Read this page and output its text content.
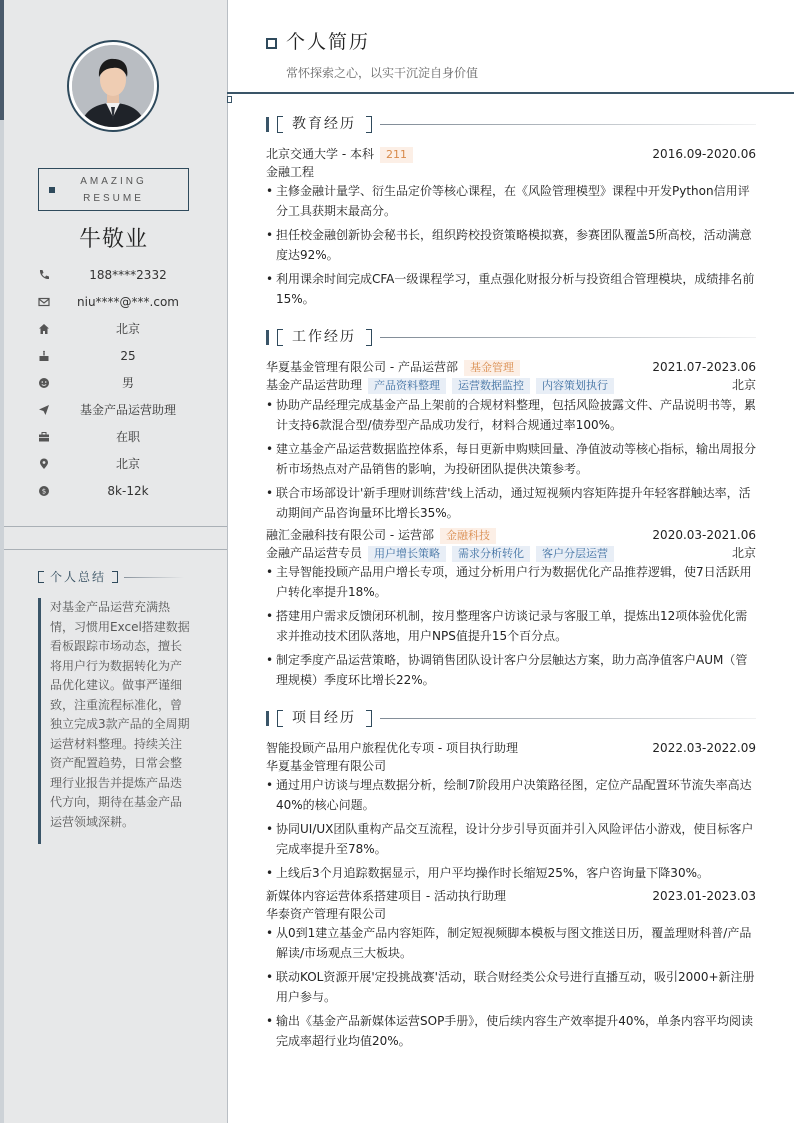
AMAZING
RESUME
牛敬业
188****2332
niu****@***.com
北京
25
男
基金产品运营助理
在职
北京
$	8k-12k
个人总结

对基金产品运营充满热情，习惯用Excel搭建数据看板跟踪市场动态，擅长将用户行为数据转化为产品优化建议。做事严谨细致，注重流程标准化，曾独立完成3款产品的全周期运营材料整理。持续关注资产配置趋势，日常会整理行业报告并提炼产品迭代方向，期待在基金产品运营领域深耕。

个人简历
常怀探索之心，以实干沉淀自身价值
教育经历
北京交通大学 - 本科 211	2016.09-2020.06
金融工程
• 主修金融计量学、衍生品定价等核心课程，在《风险管理模型》课程中开发Python信用评分工具获期末最高分。
• 担任校金融创新协会秘书长，组织跨校投资策略模拟赛，参赛团队覆盖5所高校，活动满意度达92%。
• 利用课余时间完成CFA一级课程学习，重点强化财报分析与投资组合管理模块，成绩排名前15%。
工作经历
华夏基金管理有限公司 - 产品运营部 基金管理	2021.07-2023.06
基金产品运营助理 产品资料整理 运营数据监控 内容策划执行	北京
• 协助产品经理完成基金产品上架前的合规材料整理，包括风险披露文件、产品说明书等，累计支持6款混合型/债券型产品成功发行，材料合规通过率100%。
• 建立基金产品运营数据监控体系，每日更新申购赎回量、净值波动等核心指标，输出周报分析市场热点对产品销售的影响，为投研团队提供决策参考。
• 联合市场部设计'新手理财训练营'线上活动，通过短视频内容矩阵提升年轻客群触达率，活动期间产品咨询量环比增长35%。
融汇金融科技有限公司 - 运营部 金融科技	2020.03-2021.06
金融产品运营专员 用户增长策略 需求分析转化 客户分层运营	北京
• 主导智能投顾产品用户增长专项，通过分析用户行为数据优化产品推荐逻辑，使7日活跃用户转化率提升18%。
• 搭建用户需求反馈闭环机制，按月整理客户访谈记录与客服工单，提炼出12项体验优化需求并推动技术团队落地，用户NPS值提升15个百分点。
• 制定季度产品运营策略，协调销售团队设计客户分层触达方案，助力高净值客户AUM（管理规模）季度环比增长22%。
项目经历
智能投顾产品用户旅程优化专项 - 项目执行助理	2022.03-2022.09
华夏基金管理有限公司
• 通过用户访谈与埋点数据分析，绘制7阶段用户决策路径图，定位产品配置环节流失率高达40%的核心问题。
• 协同UI/UX团队重构产品交互流程，设计分步引导页面并引入风险评估小游戏，使目标客户完成率提升至78%。
• 上线后3个月追踪数据显示，用户平均操作时长缩短25%，客户咨询量下降30%。
新媒体内容运营体系搭建项目 - 活动执行助理	2023.01-2023.03
华泰资产管理有限公司
• 从0到1建立基金产品内容矩阵，制定短视频脚本模板与图文推送日历，覆盖理财科普/产品解读/市场观点三大板块。
• 联动KOL资源开展'定投挑战赛'活动，联合财经类公众号进行直播互动，吸引2000+新注册用户参与。
• 输出《基金产品新媒体运营SOP手册》，使后续内容生产效率提升40%，单条内容平均阅读完成率超行业均值20%。
